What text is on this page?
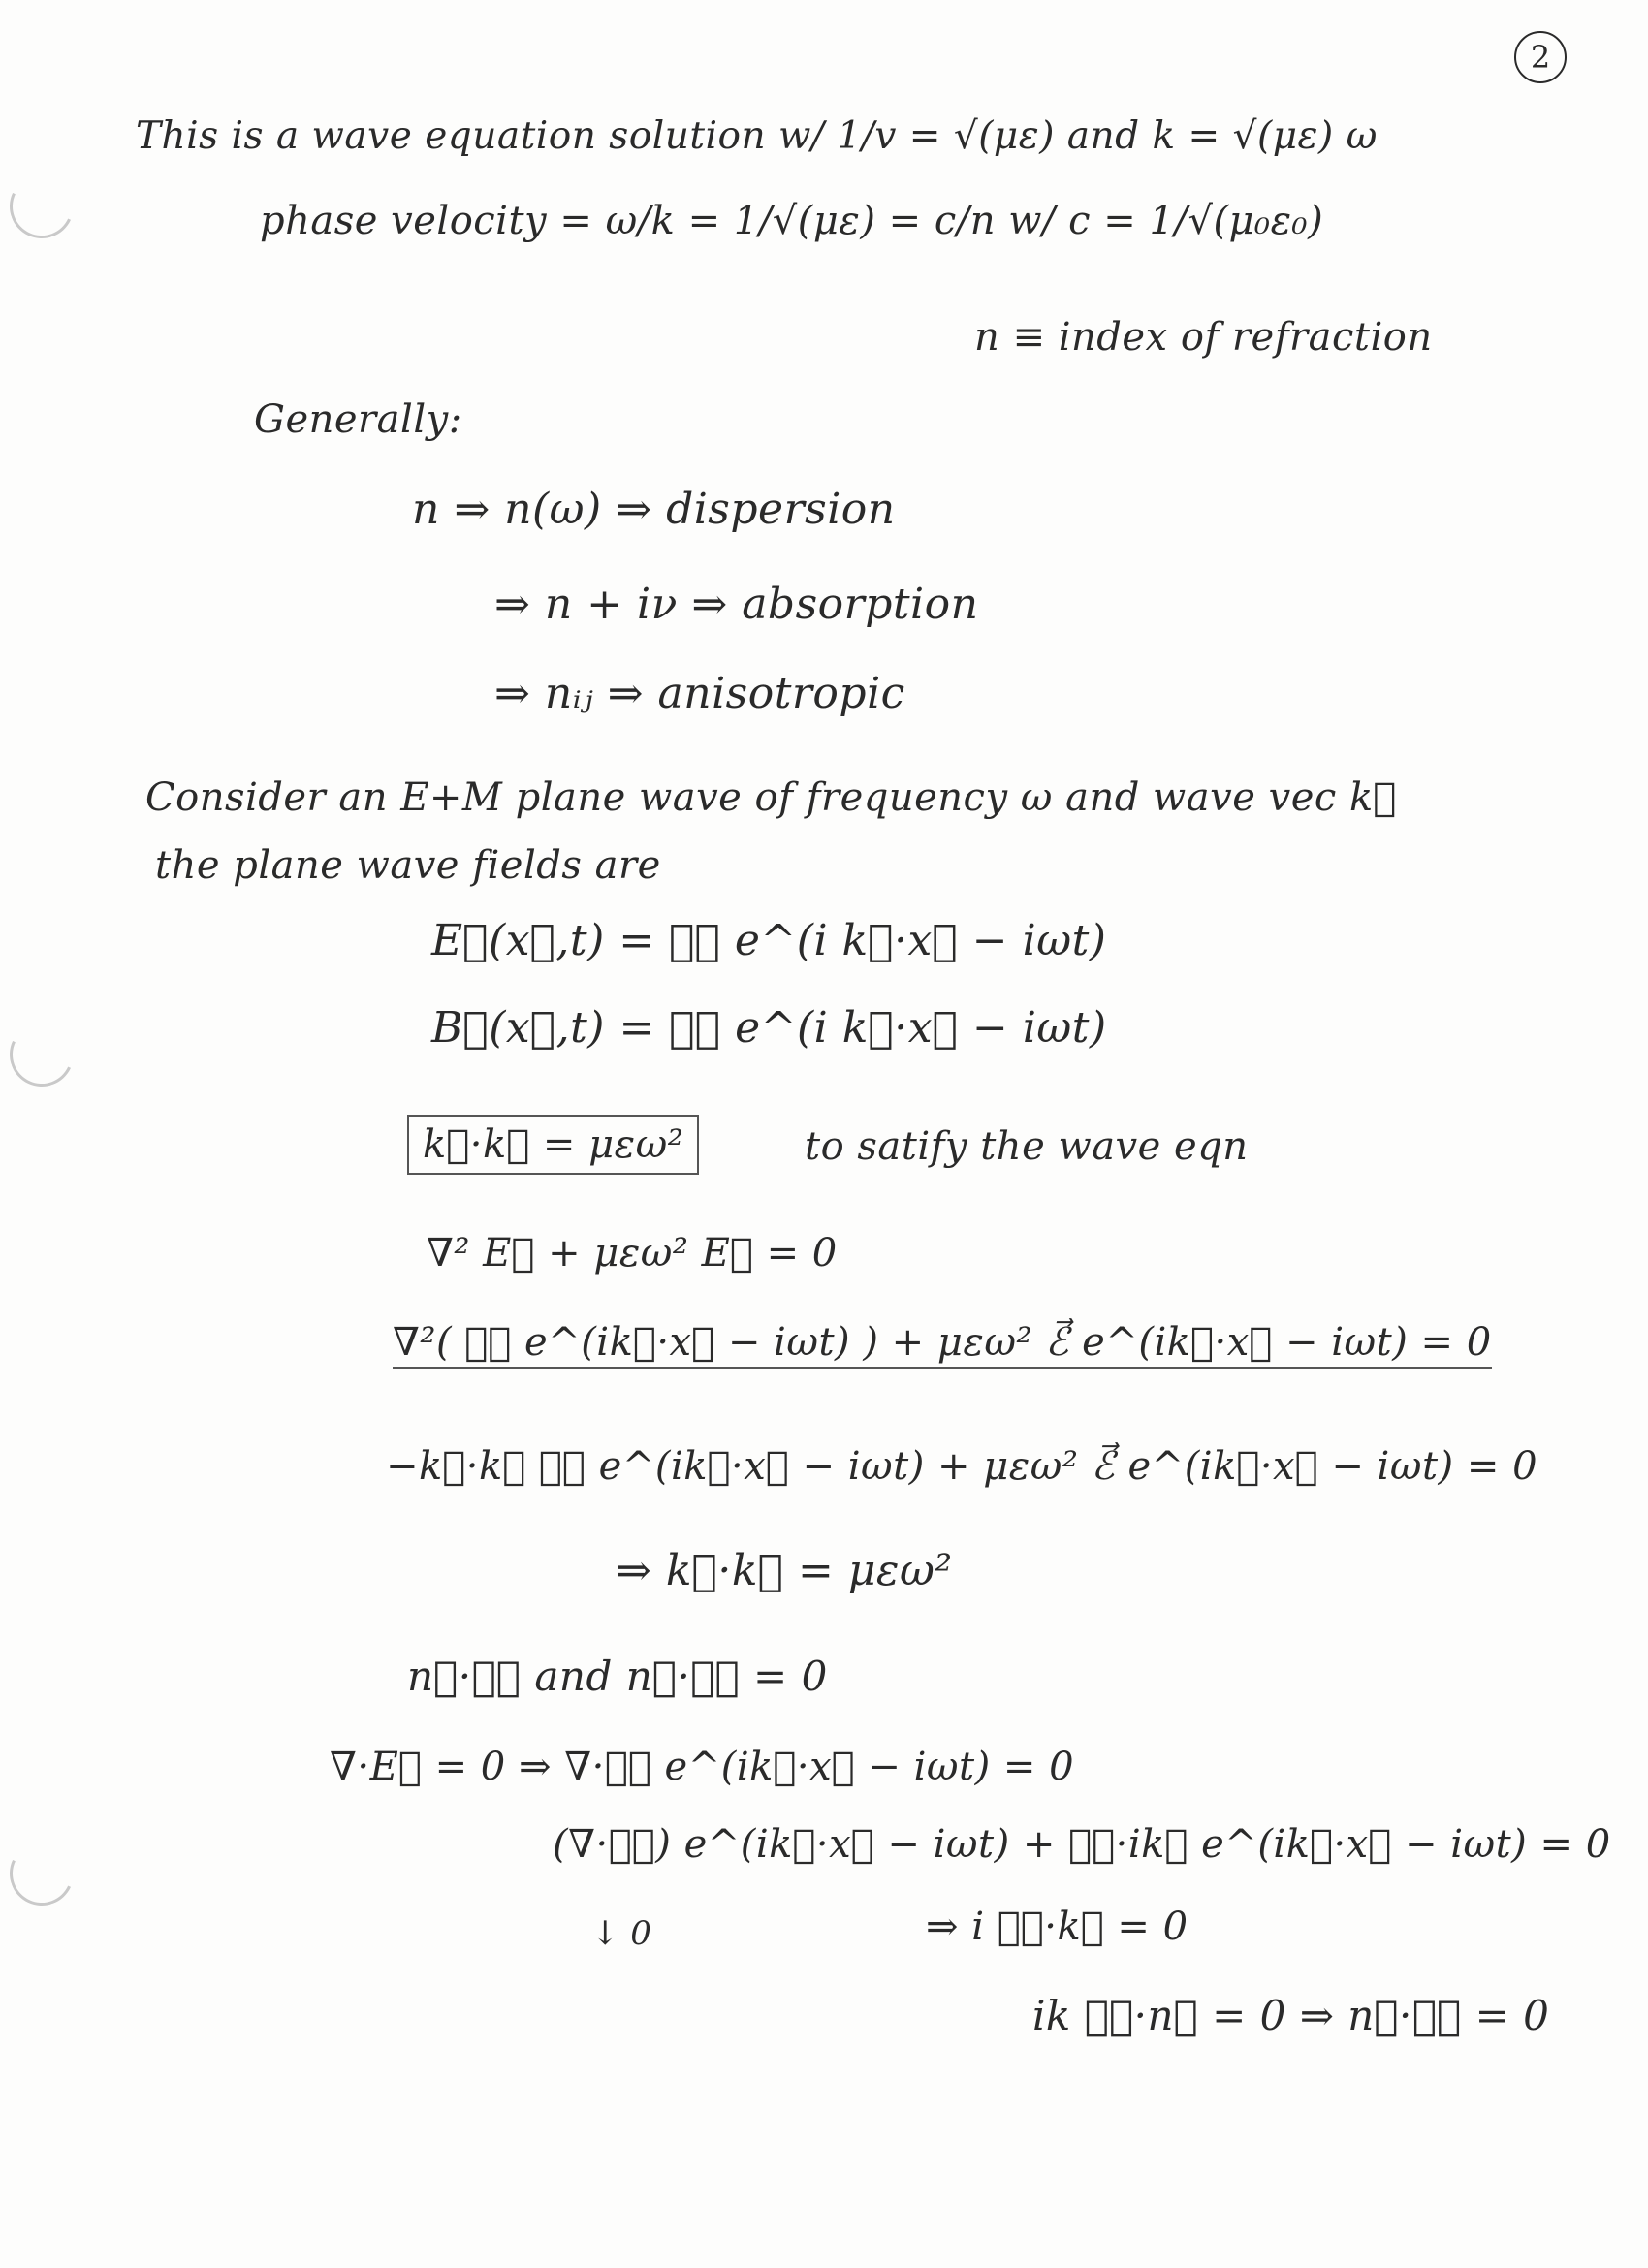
2
This is a wave equation solution w/ 1/v = √(με) and k = √(με) ω
phase velocity = ω/k = 1/√(με) = c/n w/ c = 1/√(μ₀ε₀)
n ≡ index of refraction
Generally:
n ⇒ n(ω) ⇒ dispersion
⇒ n + iν ⇒ absorption
⇒ nᵢⱼ ⇒ anisotropic
Consider an E+M plane wave of frequency ω and wave vec k⃗
the plane wave fields are
E⃗(x⃗,t) = ℰ⃗ e^(i k⃗·x⃗ − iωt)
B⃗(x⃗,t) = ℬ⃗ e^(i k⃗·x⃗ − iωt)
k⃗·k⃗ = μεω²	to satify the wave eqn
∇² E⃗ + μεω² E⃗ = 0
∇²( ℰ⃗ e^(ik⃗·x⃗ − iωt) ) + μεω² ℰ⃗ e^(ik⃗·x⃗ − iωt) = 0
−k⃗·k⃗ ℰ⃗ e^(ik⃗·x⃗ − iωt) + μεω² ℰ⃗ e^(ik⃗·x⃗ − iωt) = 0
⇒ k⃗·k⃗ = μεω²
n⃗·ℰ⃗ and n⃗·ℬ⃗ = 0
∇·E⃗ = 0 ⇒ ∇·ℰ⃗ e^(ik⃗·x⃗ − iωt) = 0
(∇·ℰ⃗) e^(ik⃗·x⃗ − iωt) + ℰ⃗·ik⃗ e^(ik⃗·x⃗ − iωt) = 0
↓ 0	⇒ i ℰ⃗·k⃗ = 0
ik ℰ⃗·n⃗ = 0 ⇒ n⃗·ℰ⃗ = 0
